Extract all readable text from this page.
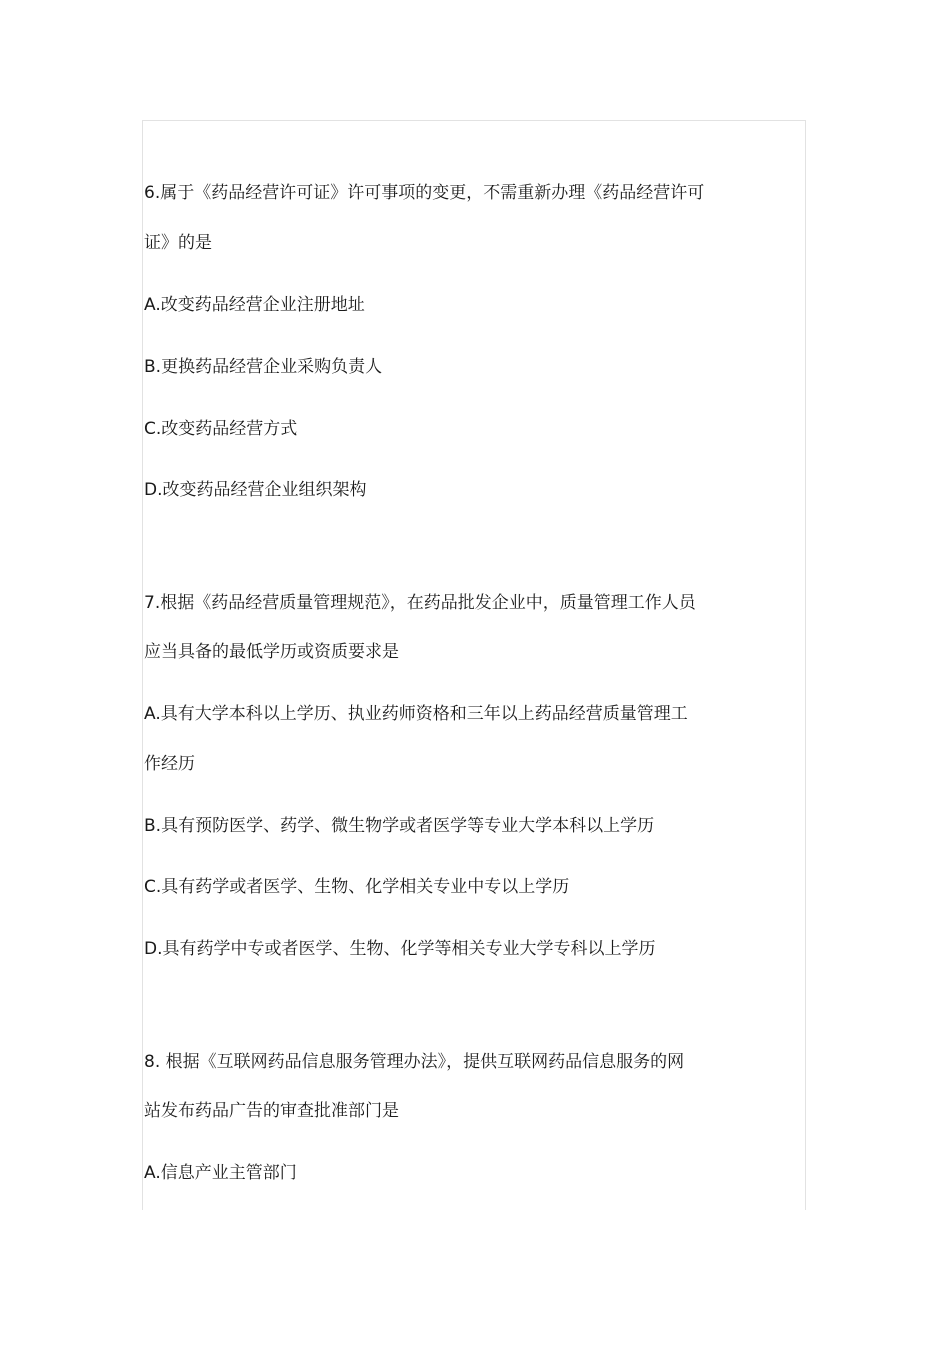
6.属于《药品经营许可证》许可事项的变更，不需重新办理《药品经营许可
证》的是
A.改变药品经营企业注册地址
B.更换药品经营企业采购负责人
C.改变药品经营方式
D.改变药品经营企业组织架构
7.根据《药品经营质量管理规范》，在药品批发企业中，质量管理工作人员
应当具备的最低学历或资质要求是
A.具有大学本科以上学历、执业药师资格和三年以上药品经营质量管理工
作经历
B.具有预防医学、药学、微生物学或者医学等专业大学本科以上学历
C.具有药学或者医学、生物、化学相关专业中专以上学历
D.具有药学中专或者医学、生物、化学等相关专业大学专科以上学历
8. 根据《互联网药品信息服务管理办法》，提供互联网药品信息服务的网
站发布药品广告的审查批准部门是
A.信息产业主管部门
